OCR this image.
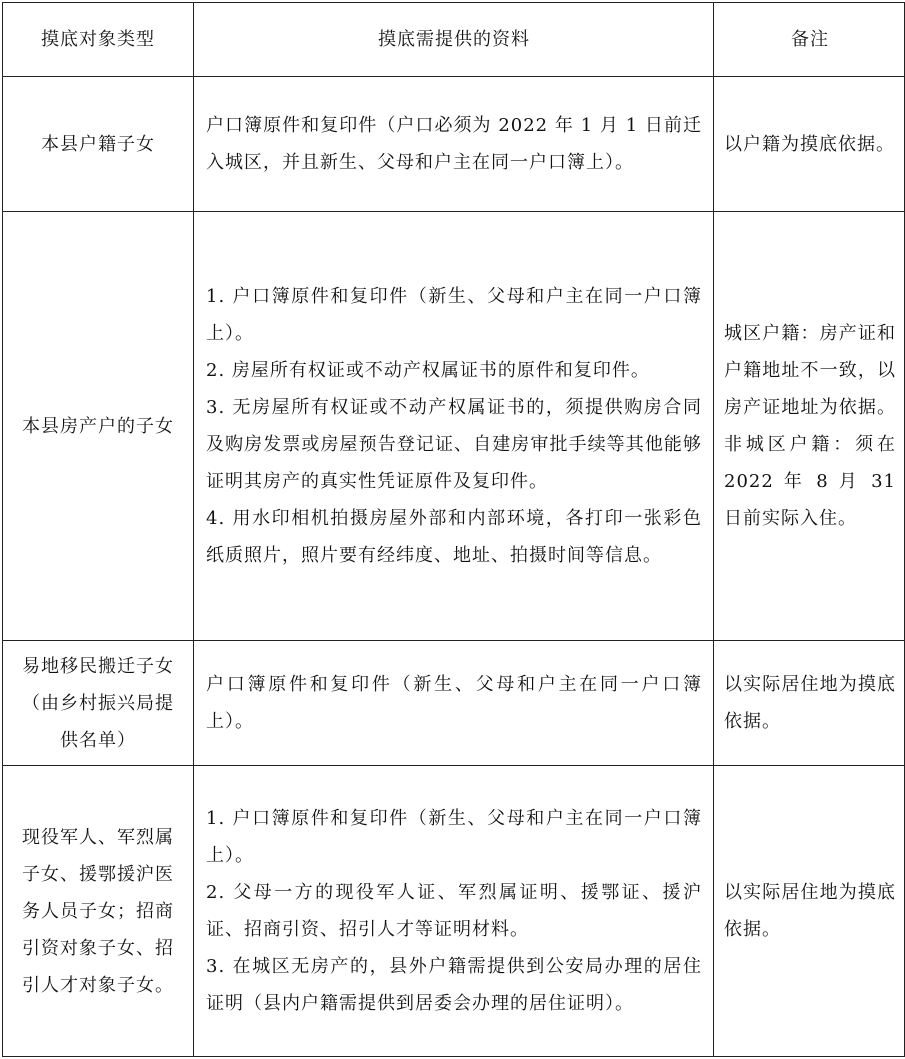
摸底对象类型	摸底需提供的资料	备注
本县户籍子女	户口簿原件和复印件（户口必须为 2022 年 1 月 1 日前迁入城区，并且新生、父母和户主在同一户口簿上）。	以户籍为摸底依据。
本县房产户的子女	1. 户口簿原件和复印件（新生、父母和户主在同一户口簿上）。
2. 房屋所有权证或不动产权属证书的原件和复印件。
3. 无房屋所有权证或不动产权属证书的，须提供购房合同及购房发票或房屋预告登记证、自建房审批手续等其他能够证明其房产的真实性凭证原件及复印件。
4. 用水印相机拍摄房屋外部和内部环境，各打印一张彩色纸质照片，照片要有经纬度、地址、拍摄时间等信息。	城区户籍：房产证和户籍地址不一致，以房产证地址为依据。非城区户籍：须在 2022 年 8 月 31 日前实际入住。
易地移民搬迁子女（由乡村振兴局提供名单）	户口簿原件和复印件（新生、父母和户主在同一户口簿上）。	以实际居住地为摸底依据。
现役军人、军烈属子女、援鄂援沪医务人员子女；招商引资对象子女、招引人才对象子女。	1. 户口簿原件和复印件（新生、父母和户主在同一户口簿上）。
2. 父母一方的现役军人证、军烈属证明、援鄂证、援沪证、招商引资、招引人才等证明材料。
3. 在城区无房产的，县外户籍需提供到公安局办理的居住证明（县内户籍需提供到居委会办理的居住证明）。	以实际居住地为摸底依据。
